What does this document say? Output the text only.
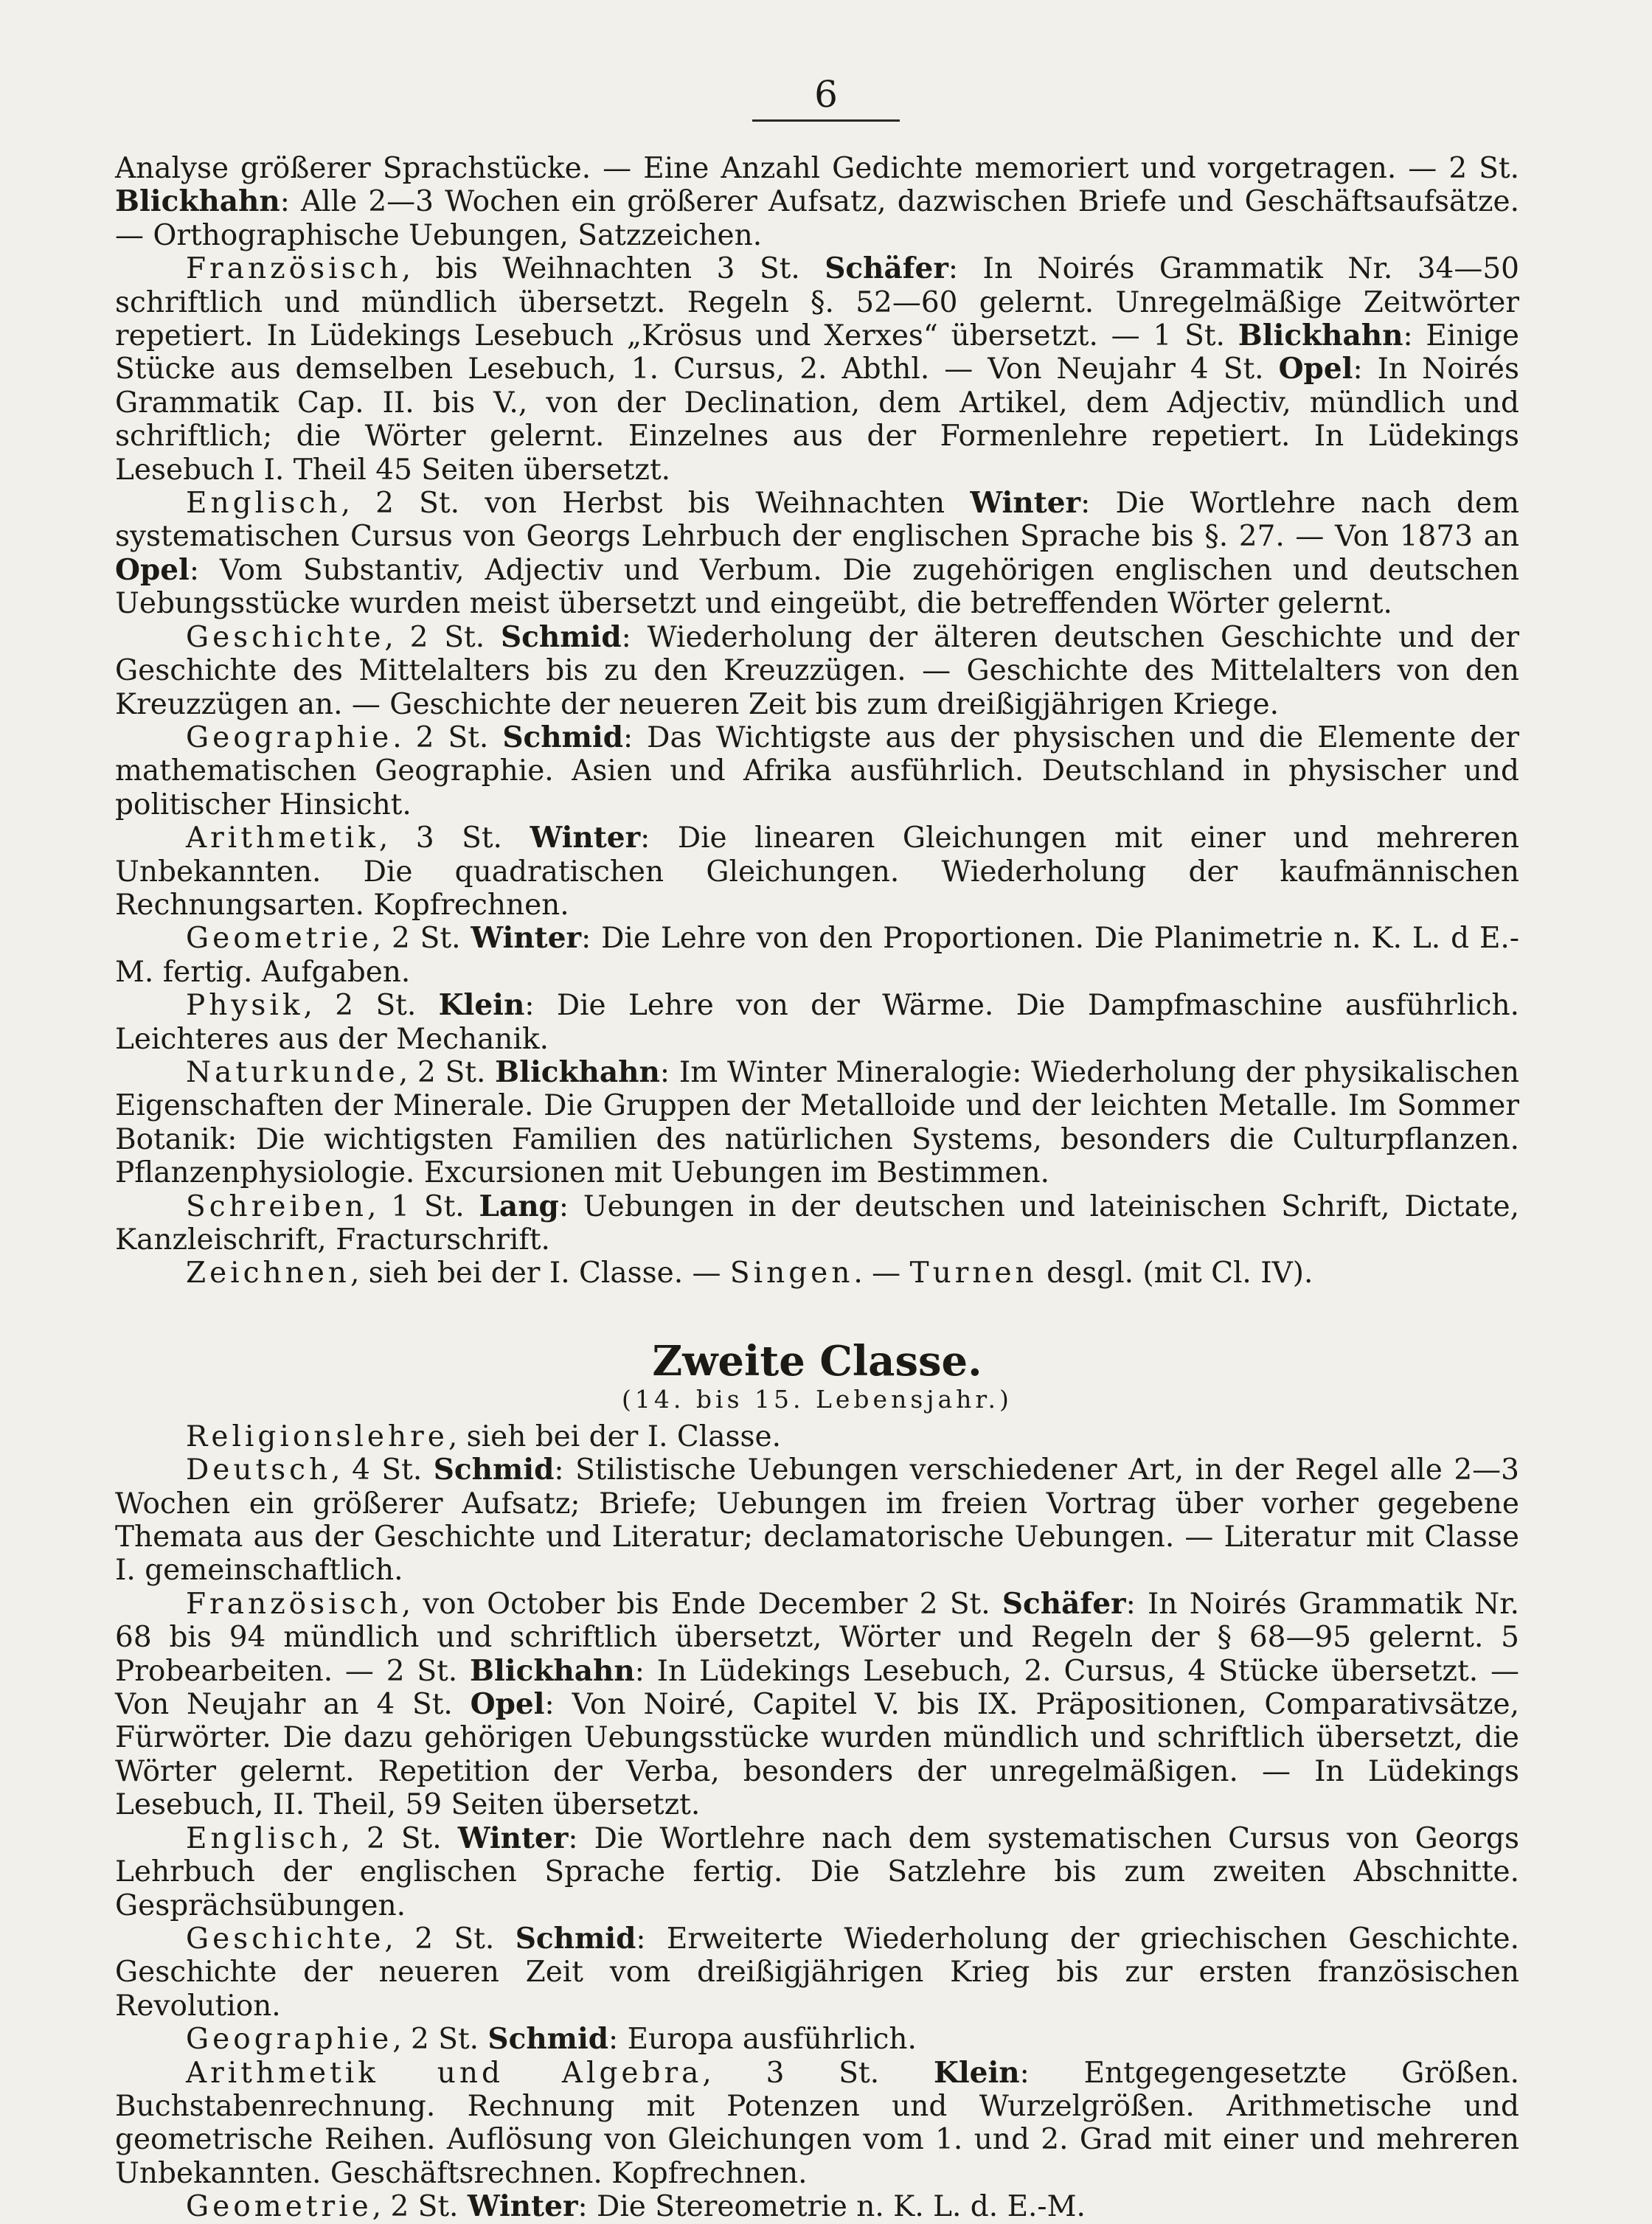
6

Analyse größerer Sprachstücke. — Eine Anzahl Gedichte memoriert und vorgetragen. — 2 St. Blickhahn: Alle 2—3 Wochen ein größerer Aufsatz, dazwischen Briefe und Geschäftsaufsätze. — Orthographische Uebungen, Satzzeichen.

Französisch, bis Weihnachten 3 St. Schäfer: In Noirés Grammatik Nr. 34—50 schriftlich und mündlich übersetzt. Regeln §. 52—60 gelernt. Unregelmäßige Zeitwörter repetiert. In Lüdekings Lesebuch „Krösus und Xerxes“ übersetzt. — 1 St. Blickhahn: Einige Stücke aus demselben Lesebuch, 1. Cursus, 2. Abthl. — Von Neujahr 4 St. Opel: In Noirés Grammatik Cap. II. bis V., von der Declination, dem Artikel, dem Adjectiv, mündlich und schriftlich; die Wörter gelernt. Einzelnes aus der Formenlehre repetiert. In Lüdekings Lesebuch I. Theil 45 Seiten übersetzt.

Englisch, 2 St. von Herbst bis Weihnachten Winter: Die Wortlehre nach dem systematischen Cursus von Georgs Lehrbuch der englischen Sprache bis §. 27. — Von 1873 an Opel: Vom Substantiv, Adjectiv und Verbum. Die zugehörigen englischen und deutschen Uebungsstücke wurden meist übersetzt und eingeübt, die betreffenden Wörter gelernt.

Geschichte, 2 St. Schmid: Wiederholung der älteren deutschen Geschichte und der Geschichte des Mittelalters bis zu den Kreuzzügen. — Geschichte des Mittelalters von den Kreuzzügen an. — Geschichte der neueren Zeit bis zum dreißigjährigen Kriege.

Geographie. 2 St. Schmid: Das Wichtigste aus der physischen und die Elemente der mathematischen Geographie. Asien und Afrika ausführlich. Deutschland in physischer und politischer Hinsicht.

Arithmetik, 3 St. Winter: Die linearen Gleichungen mit einer und mehreren Unbekannten. Die quadratischen Gleichungen. Wiederholung der kaufmännischen Rechnungsarten. Kopfrechnen.

Geometrie, 2 St. Winter: Die Lehre von den Proportionen. Die Planimetrie n. K. L. d E.-M. fertig. Aufgaben.

Physik, 2 St. Klein: Die Lehre von der Wärme. Die Dampfmaschine ausführlich. Leichteres aus der Mechanik.

Naturkunde, 2 St. Blickhahn: Im Winter Mineralogie: Wiederholung der physikalischen Eigenschaften der Minerale. Die Gruppen der Metalloide und der leichten Metalle. Im Sommer Botanik: Die wichtigsten Familien des natürlichen Systems, besonders die Culturpflanzen. Pflanzenphysiologie. Excursionen mit Uebungen im Bestimmen.

Schreiben, 1 St. Lang: Uebungen in der deutschen und lateinischen Schrift, Dictate, Kanzleischrift, Fracturschrift.

Zeichnen, sieh bei der I. Classe. — Singen. — Turnen desgl. (mit Cl. IV).

Zweite Classe.
(14. bis 15. Lebensjahr.)

Religionslehre, sieh bei der I. Classe.

Deutsch, 4 St. Schmid: Stilistische Uebungen verschiedener Art, in der Regel alle 2—3 Wochen ein größerer Aufsatz; Briefe; Uebungen im freien Vortrag über vorher gegebene Themata aus der Geschichte und Literatur; declamatorische Uebungen. — Literatur mit Classe I. gemeinschaftlich.

Französisch, von October bis Ende December 2 St. Schäfer: In Noirés Grammatik Nr. 68 bis 94 mündlich und schriftlich übersetzt, Wörter und Regeln der § 68—95 gelernt. 5 Probearbeiten. — 2 St. Blickhahn: In Lüdekings Lesebuch, 2. Cursus, 4 Stücke übersetzt. — Von Neujahr an 4 St. Opel: Von Noiré, Capitel V. bis IX. Präpositionen, Comparativsätze, Fürwörter. Die dazu gehörigen Uebungsstücke wurden mündlich und schriftlich übersetzt, die Wörter gelernt. Repetition der Verba, besonders der unregelmäßigen. — In Lüdekings Lesebuch, II. Theil, 59 Seiten übersetzt.

Englisch, 2 St. Winter: Die Wortlehre nach dem systematischen Cursus von Georgs Lehrbuch der englischen Sprache fertig. Die Satzlehre bis zum zweiten Abschnitte. Gesprächsübungen.

Geschichte, 2 St. Schmid: Erweiterte Wiederholung der griechischen Geschichte. Geschichte der neueren Zeit vom dreißigjährigen Krieg bis zur ersten französischen Revolution.

Geographie, 2 St. Schmid: Europa ausführlich.

Arithmetik und Algebra, 3 St. Klein: Entgegengesetzte Größen. Buchstabenrechnung. Rechnung mit Potenzen und Wurzelgrößen. Arithmetische und geometrische Reihen. Auflösung von Gleichungen vom 1. und 2. Grad mit einer und mehreren Unbekannten. Geschäftsrechnen. Kopfrechnen.

Geometrie, 2 St. Winter: Die Stereometrie n. K. L. d. E.-M.
